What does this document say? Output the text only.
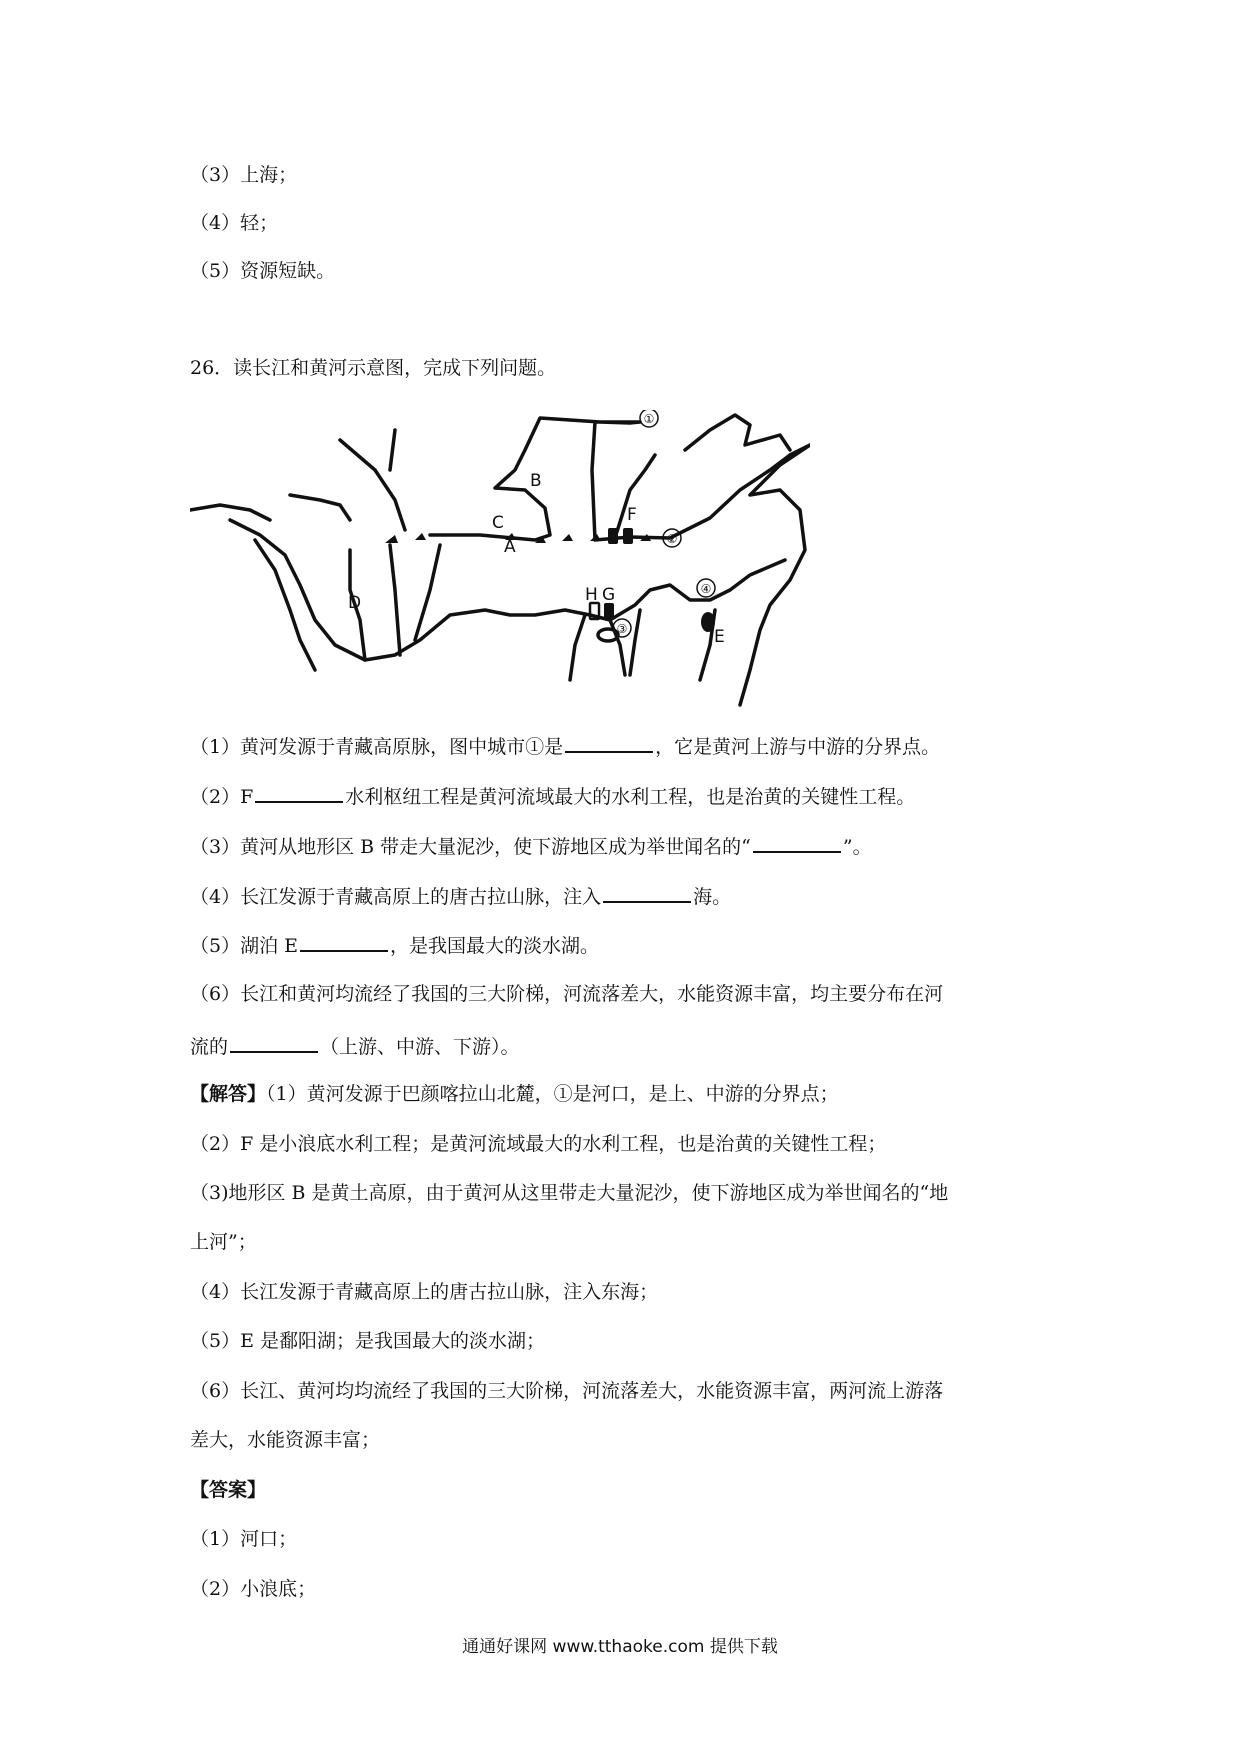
（3）上海；
（4）轻；
（5）资源短缺。
26．读长江和黄河示意图，完成下列问题。
B
C
A
F
D	H G
E
①
②
③
④
（1）黄河发源于青藏高原脉，图中城市①是	，它是黄河上游与中游的分界点。
（2）F	水利枢纽工程是黄河流域最大的水利工程，也是治黄的关键性工程。
（3）黄河从地形区 B 带走大量泥沙，使下游地区成为举世闻名的“	”。
（4）长江发源于青藏高原上的唐古拉山脉，注入	海。
（5）湖泊 E	，是我国最大的淡水湖。
（6）长江和黄河均流经了我国的三大阶梯，河流落差大，水能资源丰富，均主要分布在河
流的	（上游、中游、下游）。
【解答】（1）黄河发源于巴颜喀拉山北麓，①是河口，是上、中游的分界点；
（2）F 是小浪底水利工程；是黄河流域最大的水利工程，也是治黄的关键性工程；
（3)地形区 B 是黄土高原，由于黄河从这里带走大量泥沙，使下游地区成为举世闻名的“地
上河”；
（4）长江发源于青藏高原上的唐古拉山脉，注入东海；
（5）E 是鄱阳湖；是我国最大的淡水湖；
（6）长江、黄河均均流经了我国的三大阶梯，河流落差大，水能资源丰富，两河流上游落
差大，水能资源丰富；
【答案】
（1）河口；
（2）小浪底；
通通好课网 www.tthaoke.com 提供下载
